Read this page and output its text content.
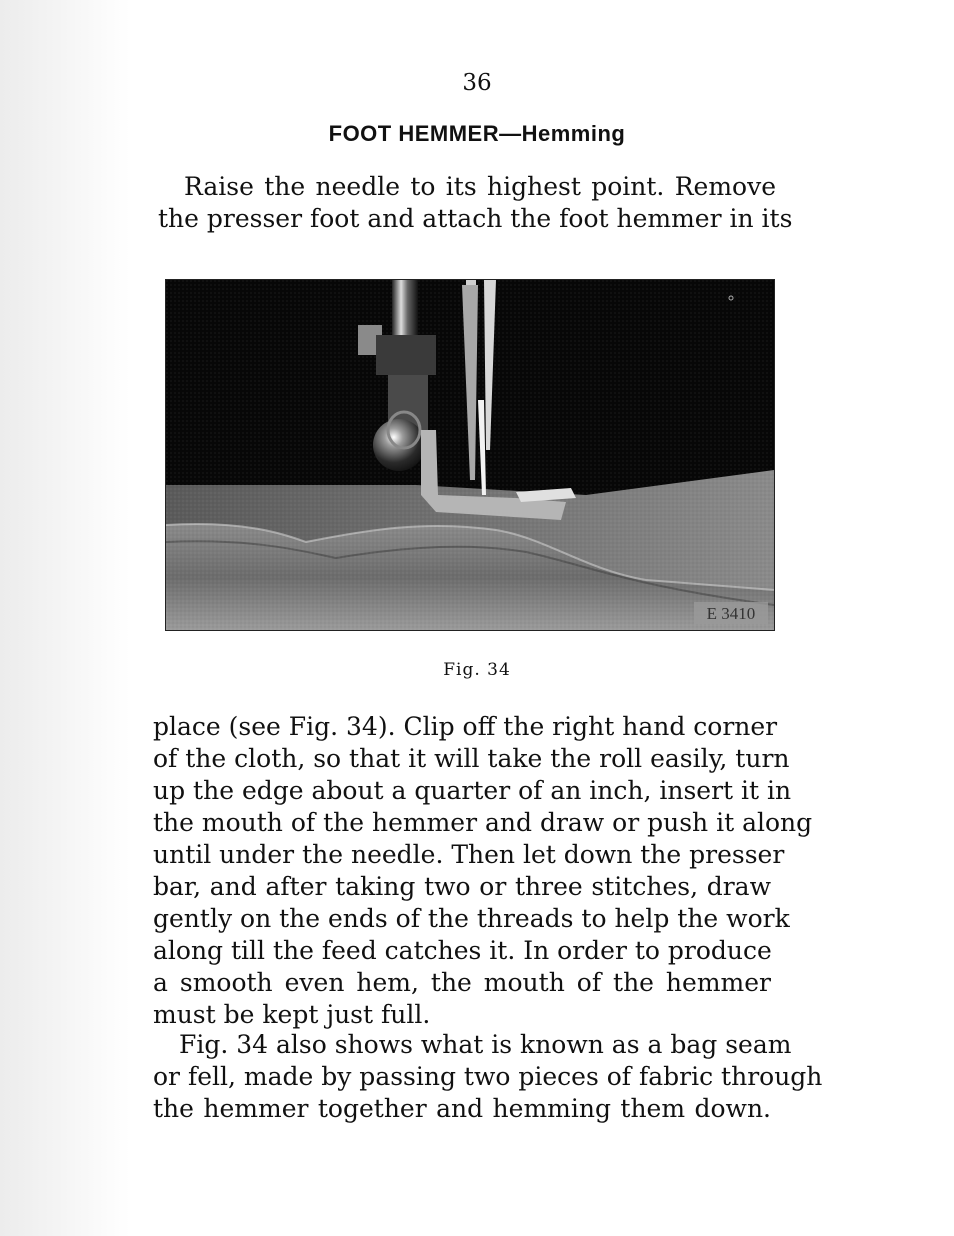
36
FOOT HEMMER—Hemming

Raise the needle to its highest point. Remove
the presser foot and attach the foot hemmer in its

E 3410
Fig. 34

place (see Fig. 34). Clip off the right hand corner
of the cloth, so that it will take the roll easily, turn
up the edge about a quarter of an inch, insert it in
the mouth of the hemmer and draw or push it along
until under the needle. Then let down the presser
bar, and after taking two or three stitches, draw
gently on the ends of the threads to help the work
along till the feed catches it. In order to produce
a smooth even hem, the mouth of the hemmer
must be kept just full.

Fig. 34 also shows what is known as a bag seam
or fell, made by passing two pieces of fabric through
the hemmer together and hemming them down.
